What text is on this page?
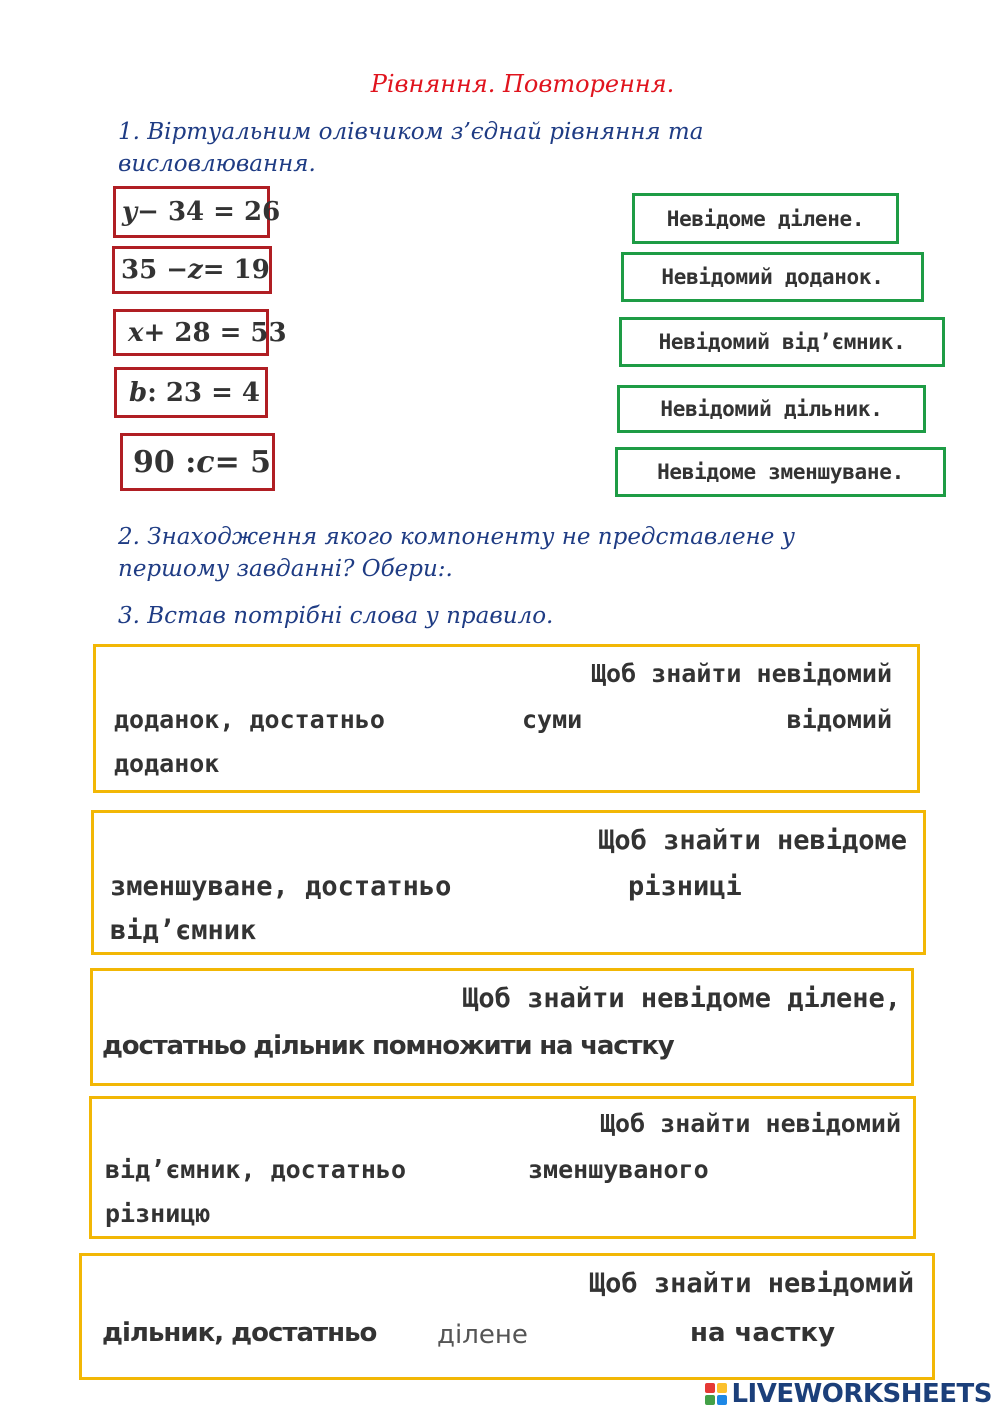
Рівняння. Повторення.
1. Віртуальним олівчиком з’єднай рівняння та
висловлювання.
y − 34 = 26
35 − z = 19
x + 28 = 53
b : 23 = 4
90 : c = 5
Невідоме ділене.
Невідомий доданок.
Невідомий від’ємник.
Невідомий дільник.
Невідоме зменшуване.
2. Знаходження якого компоненту не представлене у
першому завданні? Обери:.
3. Встав потрібні слова у правило.
Щоб знайти невідомий
доданок, достатньо	суми	відомий
доданок
Щоб знайти невідоме
зменшуване, достатньо	різниці
від’ємник
Щоб знайти невідоме ділене,
достатньо дільник помножити на частку
Щоб знайти невідомий
від’ємник, достатньо	зменшуваного
різницю
Щоб знайти невідомий
дільник, достатньо ділене	на частку
LIVEWORKSHEETS
